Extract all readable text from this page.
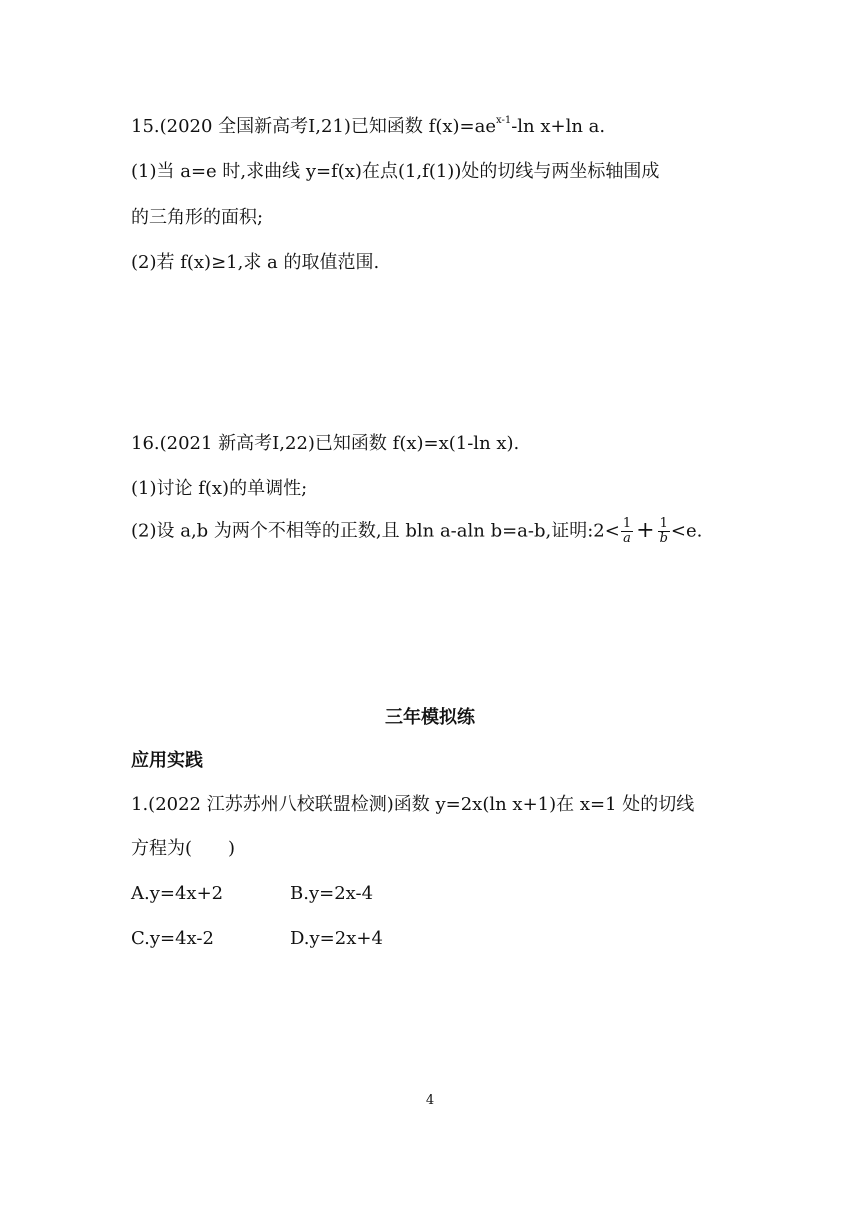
15.(2020 全国新高考Ⅰ,21)已知函数 $f(x)=ae^{x-1}-\ln$ x+ln a.
(1)当 a=e 时,求曲线 y=f(x)在点(1,f(1))处的切线与两坐标轴围成
的三角形的面积;
(2)若 f(x)≥1,求 a 的取值范围.
16.(2021 新高考Ⅰ,22)已知函数 f(x)=x(1-ln x).
(1)讨论 f(x)的单调性;
(2)设 a,b 为两个不相等的正数,且 bln a-aln b=a-b,证明:2< $\frac{1}{a} + \frac{1}{b} <e$.
三年模拟练
应用实践
1.(2022 江苏苏州八校联盟检测)函数 y=2x(ln x+1)在 x=1 处的切线
方程为(　　)
A.y=4x+2	B.y=2x-4
C.y=4x-2	D.y=2x+4
4
